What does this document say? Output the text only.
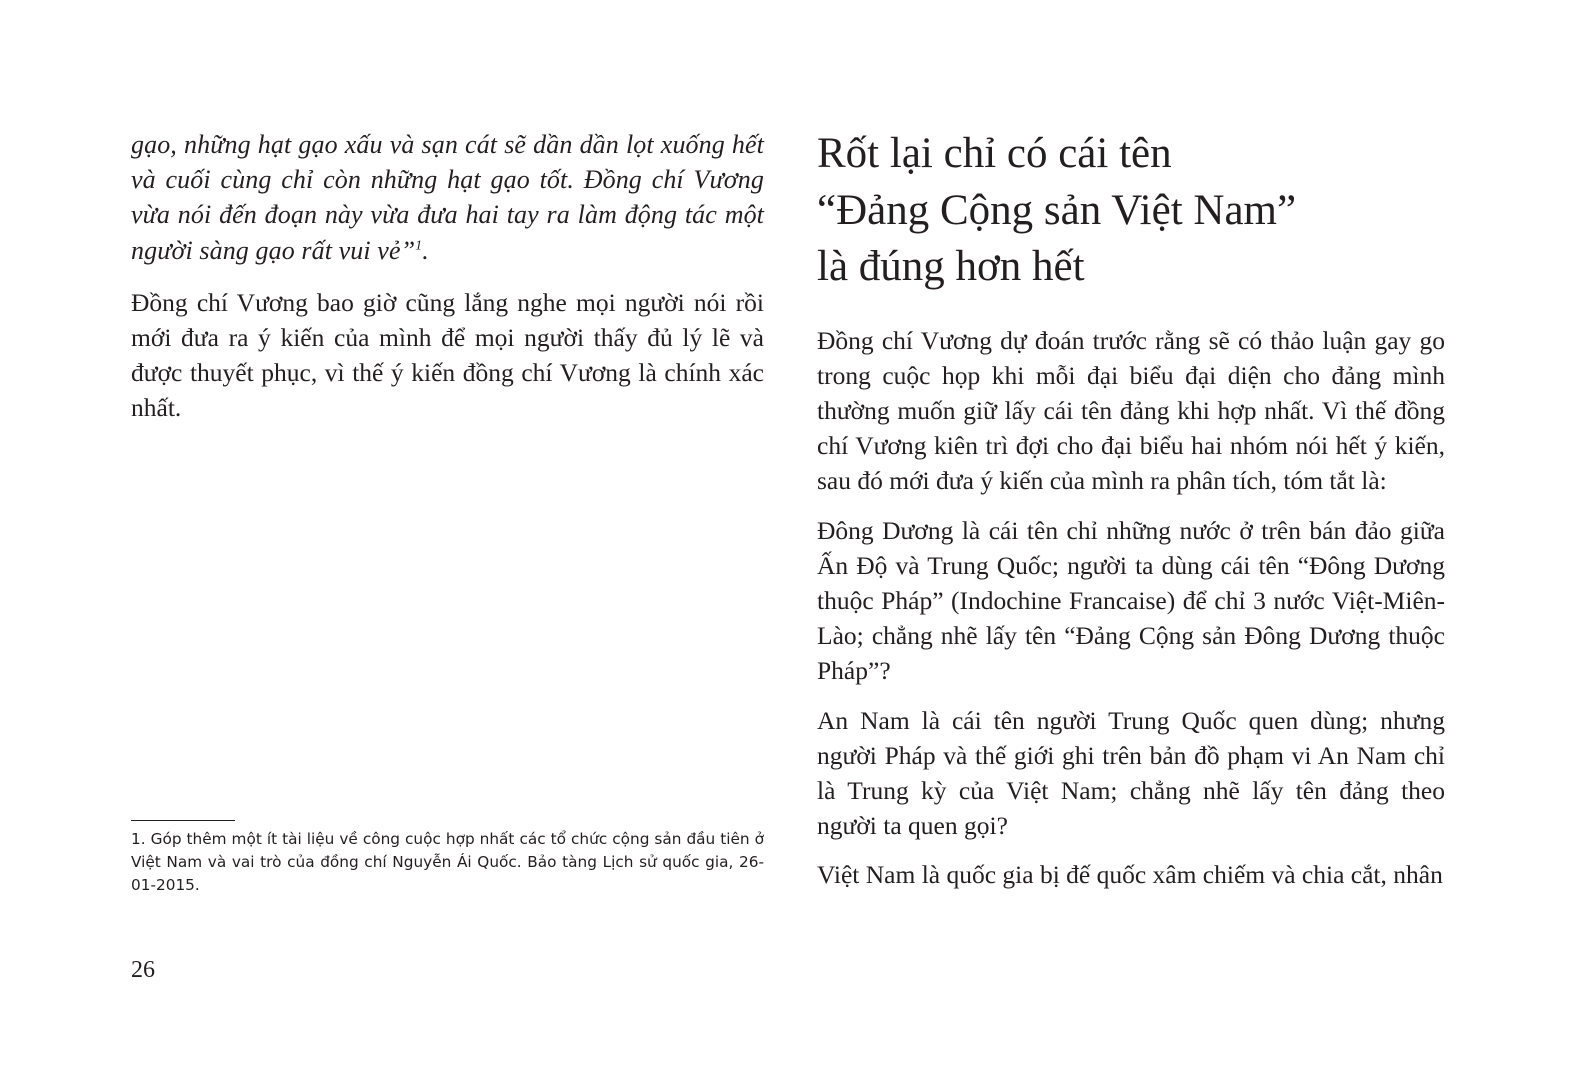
gạo, những hạt gạo xấu và sạn cát sẽ dần dần lọt xuống hết và cuối cùng chỉ còn những hạt gạo tốt. Đồng chí Vương vừa nói đến đoạn này vừa đưa hai tay ra làm động tác một người sàng gạo rất vui vẻ”$^1$.

Đồng chí Vương bao giờ cũng lắng nghe mọi người nói rồi mới đưa ra ý kiến của mình để mọi người thấy đủ lý lẽ và được thuyết phục, vì thế ý kiến đồng chí Vương là chính xác nhất.

1. Góp thêm một ít tài liệu về công cuộc hợp nhất các tổ chức cộng sản đầu tiên ở Việt Nam và vai trò của đồng chí Nguyễn Ái Quốc. Bảo tàng Lịch sử quốc gia, 26-01-2015.

26

Rốt lại chỉ có cái tên
“Đảng Cộng sản Việt Nam”
là đúng hơn hết

Đồng chí Vương dự đoán trước rằng sẽ có thảo luận gay go trong cuộc họp khi mỗi đại biểu đại diện cho đảng mình thường muốn giữ lấy cái tên đảng khi hợp nhất. Vì thế đồng chí Vương kiên trì đợi cho đại biểu hai nhóm nói hết ý kiến, sau đó mới đưa ý kiến của mình ra phân tích, tóm tắt là:

Đông Dương là cái tên chỉ những nước ở trên bán đảo giữa Ấn Độ và Trung Quốc; người ta dùng cái tên “Đông Dương thuộc Pháp” (Indochine Francaise) để chỉ 3 nước Việt-Miên-Lào; chẳng nhẽ lấy tên “Đảng Cộng sản Đông Dương thuộc Pháp”?

An Nam là cái tên người Trung Quốc quen dùng; nhưng người Pháp và thế giới ghi trên bản đồ phạm vi An Nam chỉ là Trung kỳ của Việt Nam; chẳng nhẽ lấy tên đảng theo người ta quen gọi?

Việt Nam là quốc gia bị đế quốc xâm chiếm và chia cắt, nhân
